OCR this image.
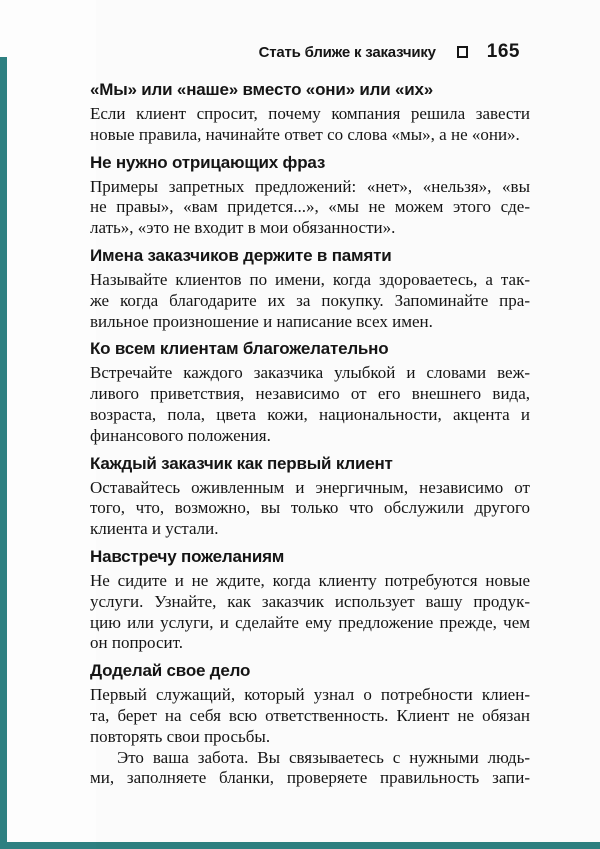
Стать ближе к заказчику	165
«Мы» или «наше» вместо «они» или «их»
Если клиент спросит, почему компания решила завести
новые правила, начинайте ответ со слова «мы», а не «они».
Не нужно отрицающих фраз
Примеры запретных предложений: «нет», «нельзя», «вы
не правы», «вам придется...», «мы не можем этого сде-
лать», «это не входит в мои обязанности».
Имена заказчиков держите в памяти
Называйте клиентов по имени, когда здороваетесь, а так-
же когда благодарите их за покупку. Запоминайте пра-
вильное произношение и написание всех имен.
Ко всем клиентам благожелательно
Встречайте каждого заказчика улыбкой и словами веж-
ливого приветствия, независимо от его внешнего вида,
возраста, пола, цвета кожи, национальности, акцента и
финансового положения.
Каждый заказчик как первый клиент
Оставайтесь оживленным и энергичным, независимо от
того, что, возможно, вы только что обслужили другого
клиента и устали.
Навстречу пожеланиям
Не сидите и не ждите, когда клиенту потребуются новые
услуги. Узнайте, как заказчик использует вашу продук-
цию или услуги, и сделайте ему предложение прежде, чем
он попросит.
Доделай свое дело
Первый служащий, который узнал о потребности клиен-
та, берет на себя всю ответственность. Клиент не обязан
повторять свои просьбы.
Это ваша забота. Вы связываетесь с нужными людь-
ми, заполняете бланки, проверяете правильность запи-
